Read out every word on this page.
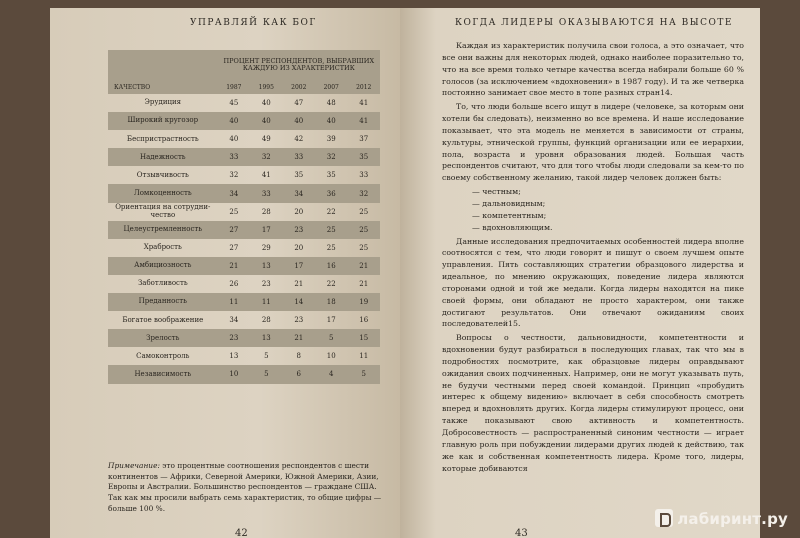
УПРАВЛЯЙ КАК БОГ
	ПРОЦЕНТ РЕСПОНДЕНТОВ, ВЫБРАВШИХ КАЖДУЮ ИЗ ХАРАКТЕРИСТИК				
КАЧЕСТВО	1987	1995	2002	2007	2012
Эрудиция	45	40	47	48	41
Широкий кругозор	40	40	40	40	41
Беспристрастность	40	49	42	39	37
Надежность	33	32	33	32	35
Отзывчивость	32	41	35	35	33
Ломкоценность	34	33	34	36	32
Ориентация на сотрудни-чество	25	28	20	22	25
Целеустремленность	27	17	23	25	25
Храбрость	27	29	20	25	25
Амбициозность	21	13	17	16	21
Заботливость	26	23	21	22	21
Преданность	11	11	14	18	19
Богатое воображение	34	28	23	17	16
Зрелость	23	13	21	5	15
Самоконтроль	13	5	8	10	11
Независимость	10	5	6	4	5
Примечание: это процентные соотношения респондентов с шести континентов — Африки, Северной Америки, Южной Америки, Азии, Европы и Австралии. Большинство респондентов — граждане США. Так как мы просили выбрать семь характеристик, то общие цифры — больше 100 %.
42
КОГДА ЛИДЕРЫ ОКАЗЫВАЮТСЯ НА ВЫСОТЕ

Каждая из характеристик получила свои голоса, а это означает, что все они важны для некоторых людей, однако наиболее поразительно то, что на все время только четыре качества всегда набирали больше 60 % голосов (за исключением «вдохновения» в 1987 году). И та же четверка постоянно занимает свое место в топе разных стран14.

То, что люди больше всего ищут в лидере (человеке, за которым они хотели бы следовать), неизменно во все времена. И наше исследование показывает, что эта модель не меняется в зависимости от страны, культуры, этнической группы, функций организации или ее иерархии, пола, возраста и уровня образования людей. Большая часть респондентов считают, что для того чтобы люди следовали за кем-то по своему собственному желанию, такой лидер человек должен быть:

— честным;
— дальновидным;
— компетентным;
— вдохновляющим.

Данные исследования предпочитаемых особенностей лидера вполне соотносятся с тем, что люди говорят и пишут о своем лучшем опыте управления. Пять составляющих стратегии образцового лидерства и идеальное, по мнению окружающих, поведение лидера являются сторонами одной и той же медали. Когда лидеры находятся на пике своей формы, они обладают не просто характером, они также достигают результатов. Они отвечают ожиданиям своих последователей15.

Вопросы о честности, дальновидности, компетентности и вдохновении будут разбираться в последующих главах, так что мы в подробностях посмотрите, как образцовые лидеры оправдывают ожидания своих подчиненных. Например, они не могут указывать путь, не будучи честными перед своей командой. Принцип «пробудить интерес к общему видению» включает в себя способность смотреть вперед и вдохновлять других. Когда лидеры стимулируют процесс, они также показывают свою активность и компетентность. Добросовестность — распространенный синоним честности — играет главную роль при побуждении лидерами других людей к действию, так же как и собственная компетентность лидера. Кроме того, лидеры, которые добиваются

43
лабиринт.ру
